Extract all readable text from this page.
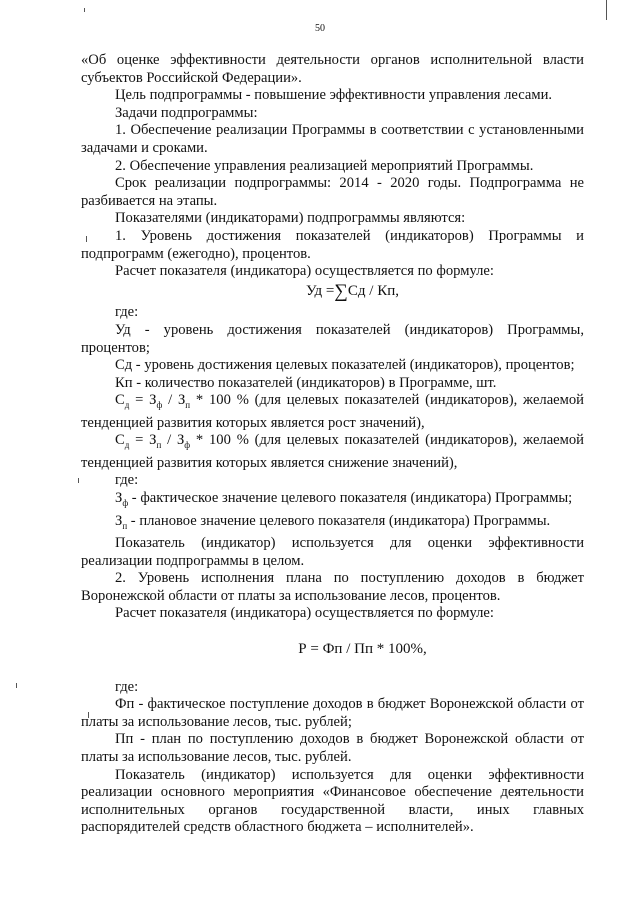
50

«Об оценке эффективности деятельности органов исполнительной власти субъектов Российской Федерации».

Цель подпрограммы - повышение эффективности управления лесами.

Задачи подпрограммы:

1. Обеспечение реализации Программы в соответствии с установленными задачами и сроками.

2. Обеспечение управления реализацией мероприятий Программы.

Срок реализации подпрограммы: 2014 - 2020 годы. Подпрограмма не разбивается на этапы.

Показателями (индикаторами) подпрограммы являются:

1. Уровень достижения показателей (индикаторов) Программы и подпрограмм (ежегодно), процентов.

Расчет показателя (индикатора) осуществляется по формуле:

Уд =∑Сд / Кп,

где:

Уд - уровень достижения показателей (индикаторов) Программы, процентов;

Сд - уровень достижения целевых показателей (индикаторов), процентов;

Кп - количество показателей (индикаторов) в Программе, шт.

$С_д = З_ф / З_п * 100$ % (для целевых показателей (индикаторов), желаемой

тенденцией развития которых является рост значений),

$С_д = З_п / З_ф * 100$ % (для целевых показателей (индикаторов), желаемой

тенденцией развития которых является снижение значений),

где:

$З_ф$ - фактическое значение целевого показателя (индикатора) Программы;

$З_п$ - плановое значение целевого показателя (индикатора) Программы.

Показатель (индикатор) используется для оценки эффективности реализации подпрограммы в целом.

2. Уровень исполнения плана по поступлению доходов в бюджет Воронежской области от платы за использование лесов, процентов.

Расчет показателя (индикатора) осуществляется по формуле:

Р = Фп / Пп * 100%,

где:

Фп - фактическое поступление доходов в бюджет Воронежской области от платы за использование лесов, тыс. рублей;

Пп - план по поступлению доходов в бюджет Воронежской области от платы за использование лесов, тыс. рублей.

Показатель (индикатор) используется для оценки эффективности реализации основного мероприятия «Финансовое обеспечение деятельности исполнительных органов государственной власти, иных главных распорядителей средств областного бюджета – исполнителей».
